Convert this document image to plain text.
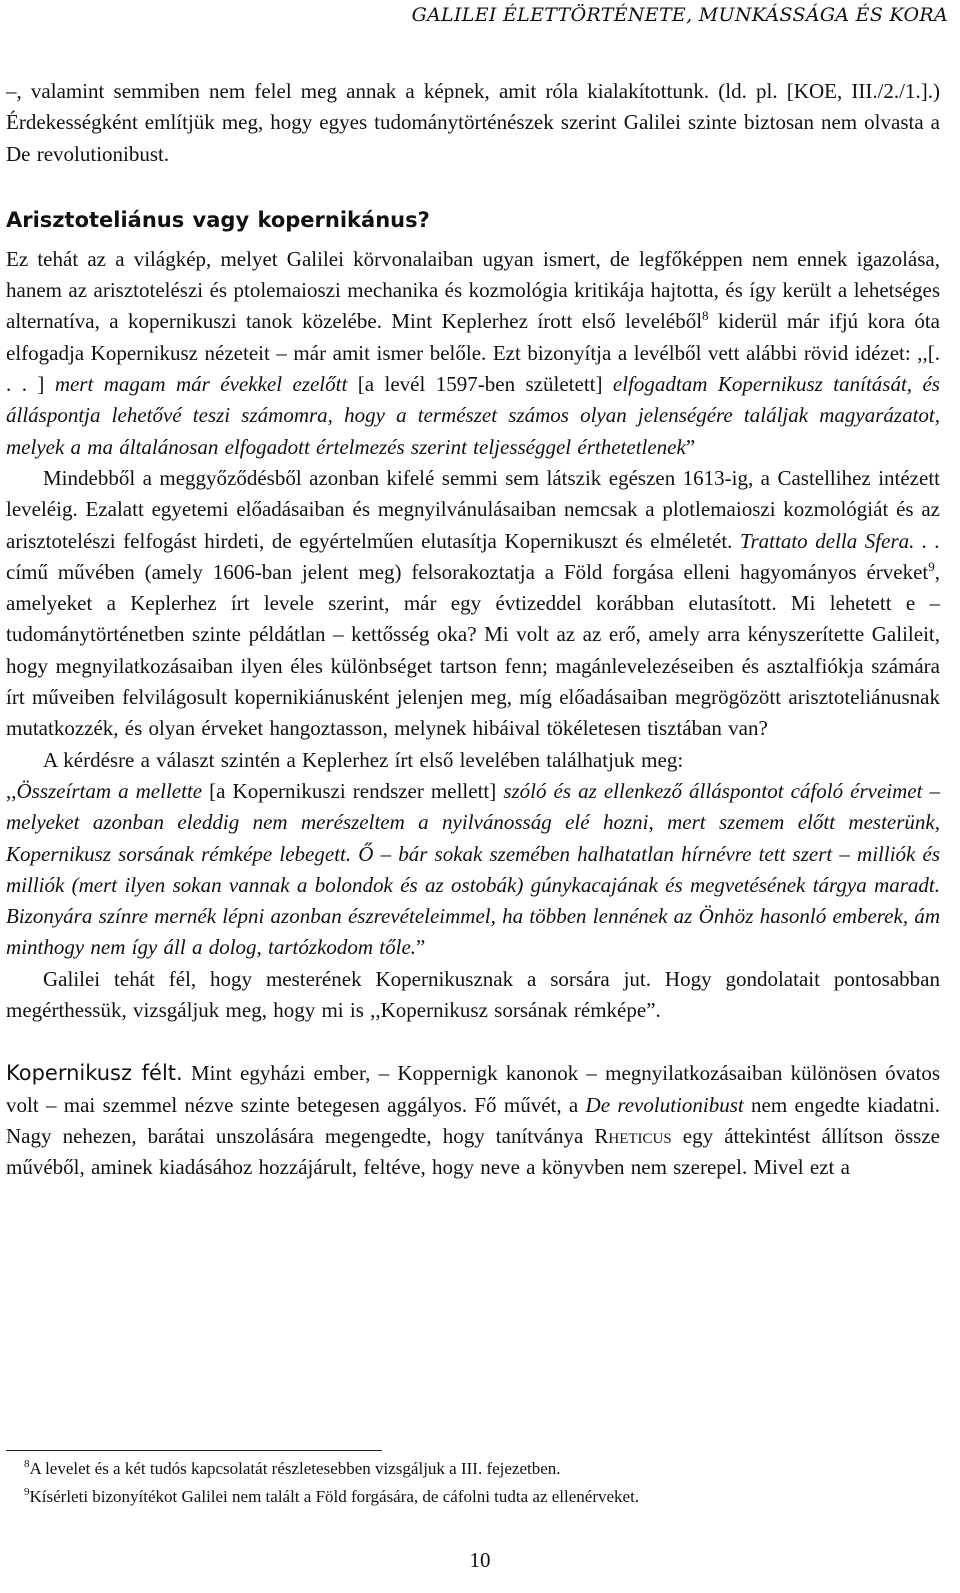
GALILEI ÉLETTÖRTÉNETE, MUNKÁSSÁGA ÉS KORA

–, valamint semmiben nem felel meg annak a képnek, amit róla kialakítottunk. (ld. pl. [KOE, III./2./1.].) Érdekességként említjük meg, hogy egyes tudománytörténészek szerint Galilei szinte biztosan nem olvasta a De revolutionibust.

Arisztoteliánus vagy kopernikánus?

Ez tehát az a világkép, melyet Galilei körvonalaiban ugyan ismert, de legfőképpen nem ennek igazolása, hanem az arisztotelészi és ptolemaioszi mechanika és kozmológia kritikája hajtotta, és így került a lehetséges alternatíva, a kopernikuszi tanok közelébe. Mint Keplerhez írott első leveléből$^8$ kiderül már ifjú kora óta elfogadja Kopernikusz nézeteit – már amit ismer belőle. Ezt bizonyítja a levélből vett alábbi rövid idézet: ,,[. . . ] mert magam már évekkel ezelőtt [a levél 1597-ben született] elfogadtam Kopernikusz tanítását, és álláspontja lehetővé teszi számomra, hogy a természet számos olyan jelenségére találjak magyarázatot, melyek a ma általánosan elfogadott értelmezés szerint teljességgel érthetetlenek”

Mindebből a meggyőződésből azonban kifelé semmi sem látszik egészen 1613-ig, a Castellihez intézett leveléig. Ezalatt egyetemi előadásaiban és megnyilvánulásaiban nemcsak a plotlemaioszi kozmológiát és az arisztotelészi felfogást hirdeti, de egyértelműen elutasítja Kopernikuszt és elméletét. Trattato della Sfera. . . című művében (amely 1606-ban jelent meg) felsorakoztatja a Föld forgása elleni hagyományos érveket$^9$, amelyeket a Keplerhez írt levele szerint, már egy évtizeddel korábban elutasított. Mi lehetett e – tudománytörténetben szinte példátlan – kettősség oka? Mi volt az az erő, amely arra kényszerítette Galileit, hogy megnyilatkozásaiban ilyen éles különbséget tartson fenn; magánlevelezéseiben és asztalfiókja számára írt műveiben felvilágosult kopernikiánusként jelenjen meg, míg előadásaiban megrögözött arisztoteliánusnak mutatkozzék, és olyan érveket hangoztasson, melynek hibáival tökéletesen tisztában van?

A kérdésre a választ szintén a Keplerhez írt első levelében találhatjuk meg:

,,Összeírtam a mellette [a Kopernikuszi rendszer mellett] szóló és az ellenkező álláspontot cáfoló érveimet – melyeket azonban eleddig nem merészeltem a nyilvánosság elé hozni, mert szemem előtt mesterünk, Kopernikusz sorsának rémképe lebegett. Ő – bár sokak szemében halhatatlan hírnévre tett szert – milliók és milliók (mert ilyen sokan vannak a bolondok és az ostobák) gúnykacajának és megvetésének tárgya maradt. Bizonyára színre mernék lépni azonban észrevételeimmel, ha többen lennének az Önhöz hasonló emberek, ám minthogy nem így áll a dolog, tartózkodom tőle.”

Galilei tehát fél, hogy mesterének Kopernikusznak a sorsára jut. Hogy gondolatait pontosabban megérthessük, vizsgáljuk meg, hogy mi is ,,Kopernikusz sorsának rémképe”.

Kopernikusz félt. Mint egyházi ember, – Koppernigk kanonok – megnyilatkozásaiban különösen óvatos volt – mai szemmel nézve szinte betegesen aggályos. Fő művét, a De revolutionibust nem engedte kiadatni. Nagy nehezen, barátai unszolására megengedte, hogy tanítványa Rheticus egy áttekintést állítson össze művéből, aminek kiadásához hozzájárult, feltéve, hogy neve a könyvben nem szerepel. Mivel ezt a

$^8$A levelet és a két tudós kapcsolatát részletesebben vizsgáljuk a III. fejezetben.

$^9$Kísérleti bizonyítékot Galilei nem talált a Föld forgására, de cáfolni tudta az ellenérveket.

10
